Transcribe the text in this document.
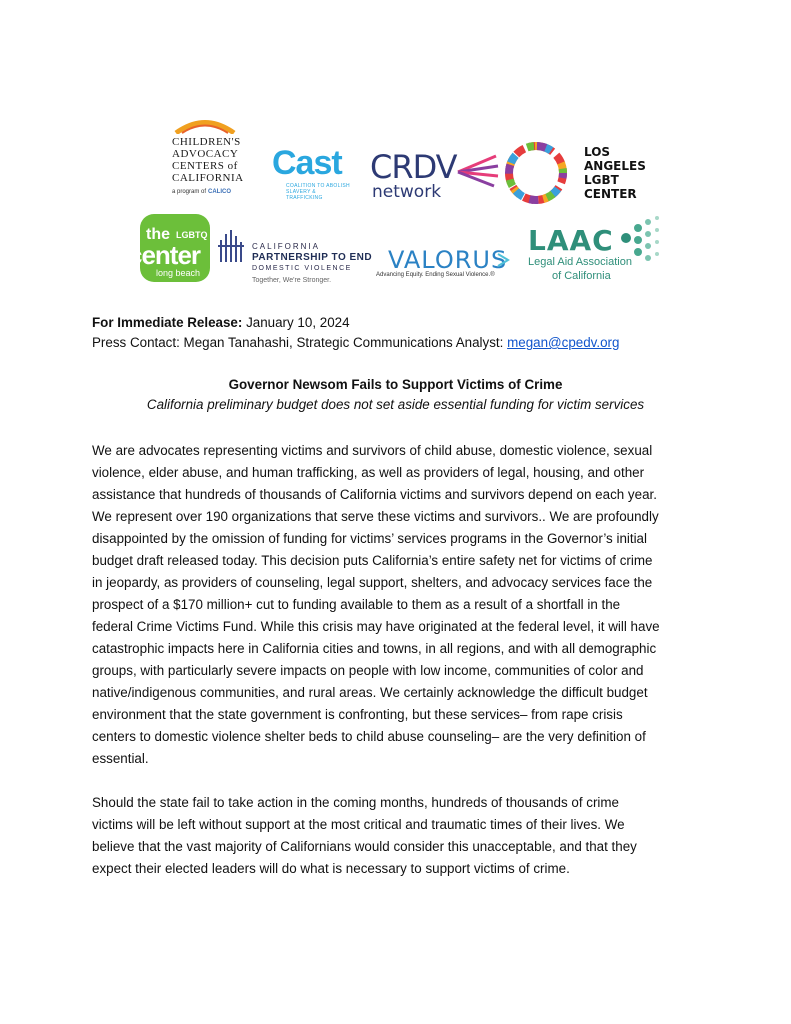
CHILDREN'S
ADVOCACY
CENTERS of
CALIFORNIA
a program of CALICO
Cast
COALITION TO ABOLISH
SLAVERY & TRAFFICKING
CRDV
network
LOS
ANGELES
LGBT
CENTER
the LGBTQ
center
long beach
CALIFORNIA
PARTNERSHIP TO END
DOMESTIC VIOLENCE
Together, We're Stronger.
VALORUS
Advancing Equity. Ending Sexual Violence.®
LAAC
Legal Aid Association
of California
For Immediate Release: January 10, 2024
Press Contact: Megan Tanahashi, Strategic Communications Analyst: megan@cpedv.org
Governor Newsom Fails to Support Victims of Crime
California preliminary budget does not set aside essential funding for victim services
We are advocates representing victims and survivors of child abuse, domestic violence, sexual
violence, elder abuse, and human trafficking, as well as providers of legal, housing, and other
assistance that hundreds of thousands of California victims and survivors depend on each year.
We represent over 190 organizations that serve these victims and survivors.. We are profoundly
disappointed by the omission of funding for victims’ services programs in the Governor’s initial
budget draft released today. This decision puts California’s entire safety net for victims of crime
in jeopardy, as providers of counseling, legal support, shelters, and advocacy services face the
prospect of a $170 million+ cut to funding available to them as a result of a shortfall in the
federal Crime Victims Fund. While this crisis may have originated at the federal level, it will have
catastrophic impacts here in California cities and towns, in all regions, and with all demographic
groups, with particularly severe impacts on people with low income, communities of color and
native/indigenous communities, and rural areas. We certainly acknowledge the difficult budget
environment that the state government is confronting, but these services– from rape crisis
centers to domestic violence shelter beds to child abuse counseling– are the very definition of
essential.
Should the state fail to take action in the coming months, hundreds of thousands of crime
victims will be left without support at the most critical and traumatic times of their lives. We
believe that the vast majority of Californians would consider this unacceptable, and that they
expect their elected leaders will do what is necessary to support victims of crime.
